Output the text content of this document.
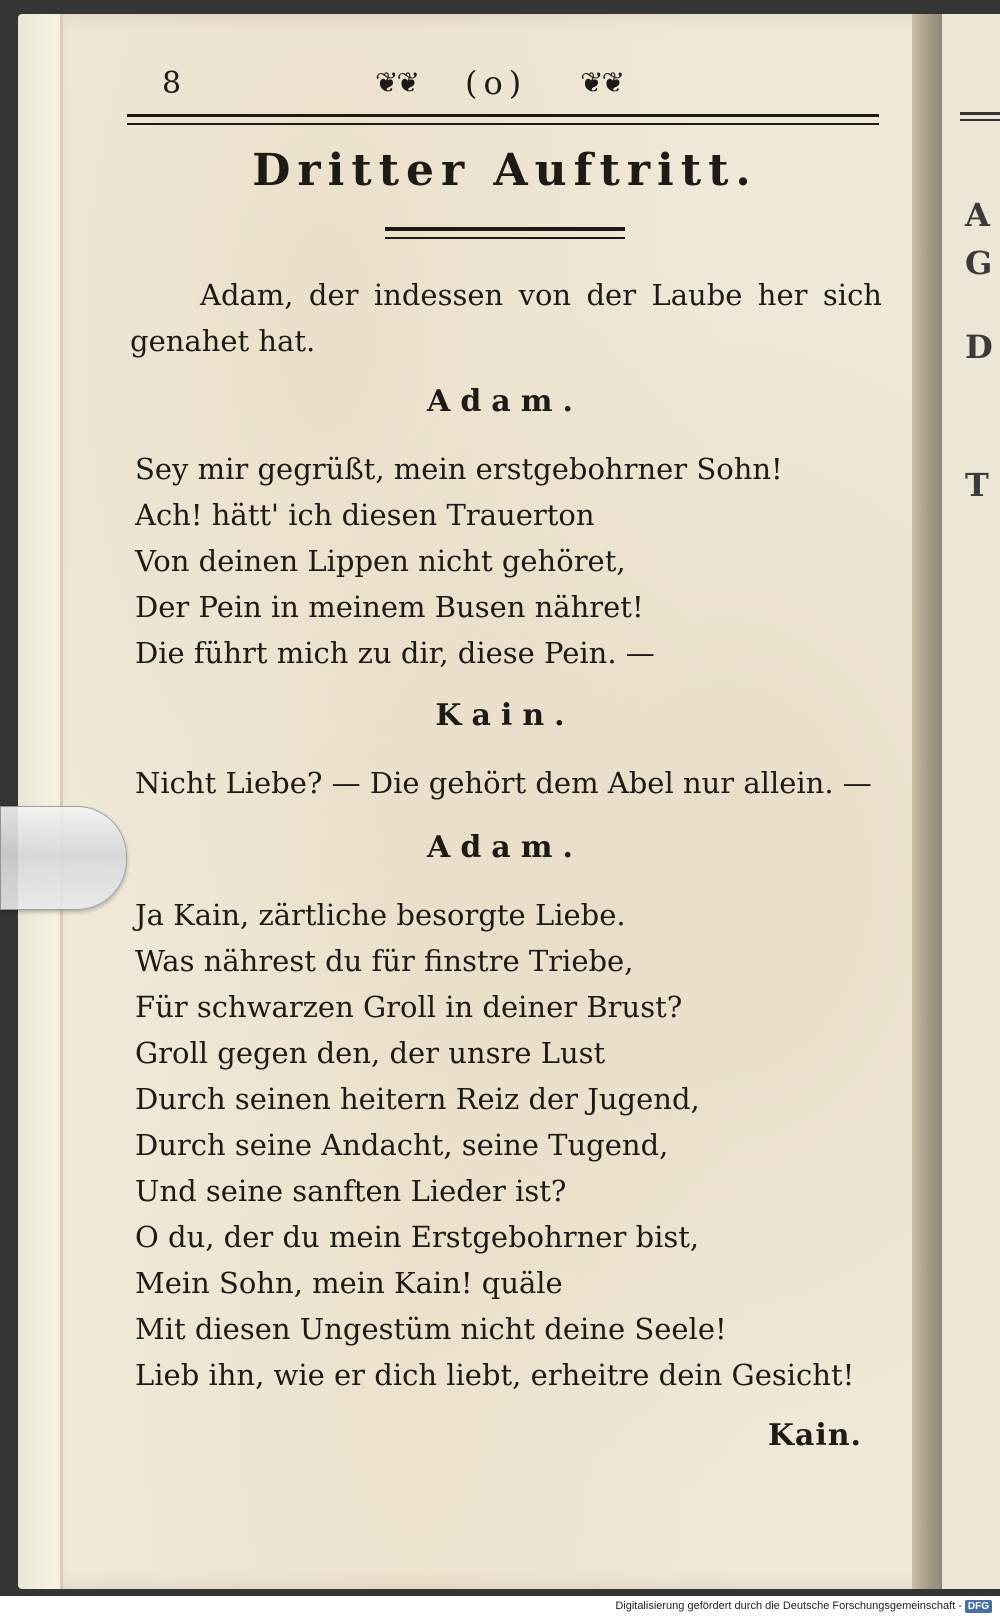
A
G
D
T
8	❦❦ (o) ❦❦
Dritter Auftritt.
Adam, der indessen von der Laube her sich genahet hat.
Adam.
Sey mir gegrüßt, mein erstgebohrner Sohn!
Ach! hätt' ich diesen Trauerton
Von deinen Lippen nicht gehöret,
Der Pein in meinem Busen nähret!
Die führt mich zu dir, diese Pein. —
Kain.
Nicht Liebe? — Die gehört dem Abel nur allein. —
Adam.
Ja Kain, zärtliche besorgte Liebe.
Was nährest du für finstre Triebe,
Für schwarzen Groll in deiner Brust?
Groll gegen den, der unsre Lust
Durch seinen heitern Reiz der Jugend,
Durch seine Andacht, seine Tugend,
Und seine sanften Lieder ist?
O du, der du mein Erstgebohrner bist,
Mein Sohn, mein Kain! quäle
Mit diesen Ungestüm nicht deine Seele!
Lieb ihn, wie er dich liebt, erheitre dein Gesicht!
Kain.
Digitalisierung gefördert durch die Deutsche Forschungsgemeinschaft - DFG
